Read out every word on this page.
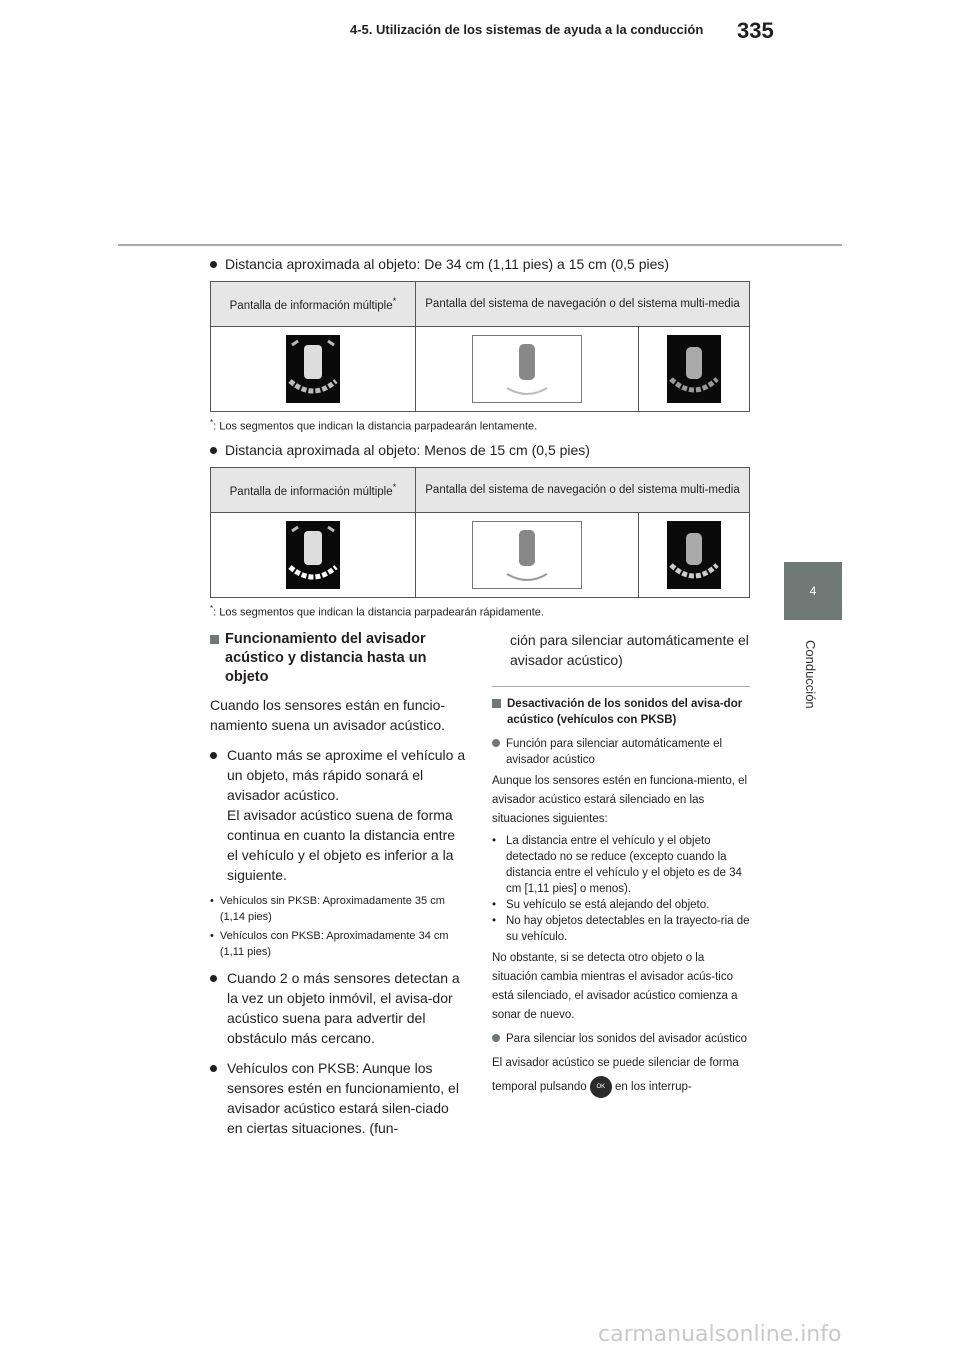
4-5. Utilización de los sistemas de ayuda a la conducción 335
4
Conducción
Distancia aproximada al objeto: De 34 cm (1,11 pies) a 15 cm (0,5 pies)
Pantalla de información múltiple*	Pantalla del sistema de navegación o del sistema multi-media	

*: Los segmentos que indican la distancia parpadearán lentamente.
Distancia aproximada al objeto: Menos de 15 cm (0,5 pies)
Pantalla de información múltiple*	Pantalla del sistema de navegación o del sistema multi-media	

*: Los segmentos que indican la distancia parpadearán rápidamente.
Funcionamiento del avisador acústico y distancia hasta un objeto
Cuando los sensores están en funcio-namiento suena un avisador acústico.
Cuanto más se aproxime el vehículo a un objeto, más rápido sonará el avisador acústico.
El avisador acústico suena de forma continua en cuanto la distancia entre el vehículo y el objeto es inferior a la siguiente.
• Vehículos sin PKSB: Aproximadamente 35 cm (1,14 pies)
• Vehículos con PKSB: Aproximadamente 34 cm (1,11 pies)
Cuando 2 o más sensores detectan a la vez un objeto inmóvil, el avisa-dor acústico suena para advertir del obstáculo más cercano.
Vehículos con PKSB: Aunque los sensores estén en funcionamiento, el avisador acústico estará silen-ciado en ciertas situaciones. (fun-
ción para silenciar automáticamente el avisador acústico)
Desactivación de los sonidos del avisa-dor acústico (vehículos con PKSB)
Función para silenciar automáticamente el avisador acústico
Aunque los sensores estén en funciona-miento, el avisador acústico estará silenciado en las situaciones siguientes:
• La distancia entre el vehículo y el objeto detectado no se reduce (excepto cuando la distancia entre el vehículo y el objeto es de 34 cm [1,11 pies] o menos).
• Su vehículo se está alejando del objeto.
• No hay objetos detectables en la trayecto-ria de su vehículo.
No obstante, si se detecta otro objeto o la situación cambia mientras el avisador acús-tico está silenciado, el avisador acústico comienza a sonar de nuevo.
Para silenciar los sonidos del avisador acústico
El avisador acústico se puede silenciar de forma temporal pulsando OK en los interrup-
carmanualsonline.info
